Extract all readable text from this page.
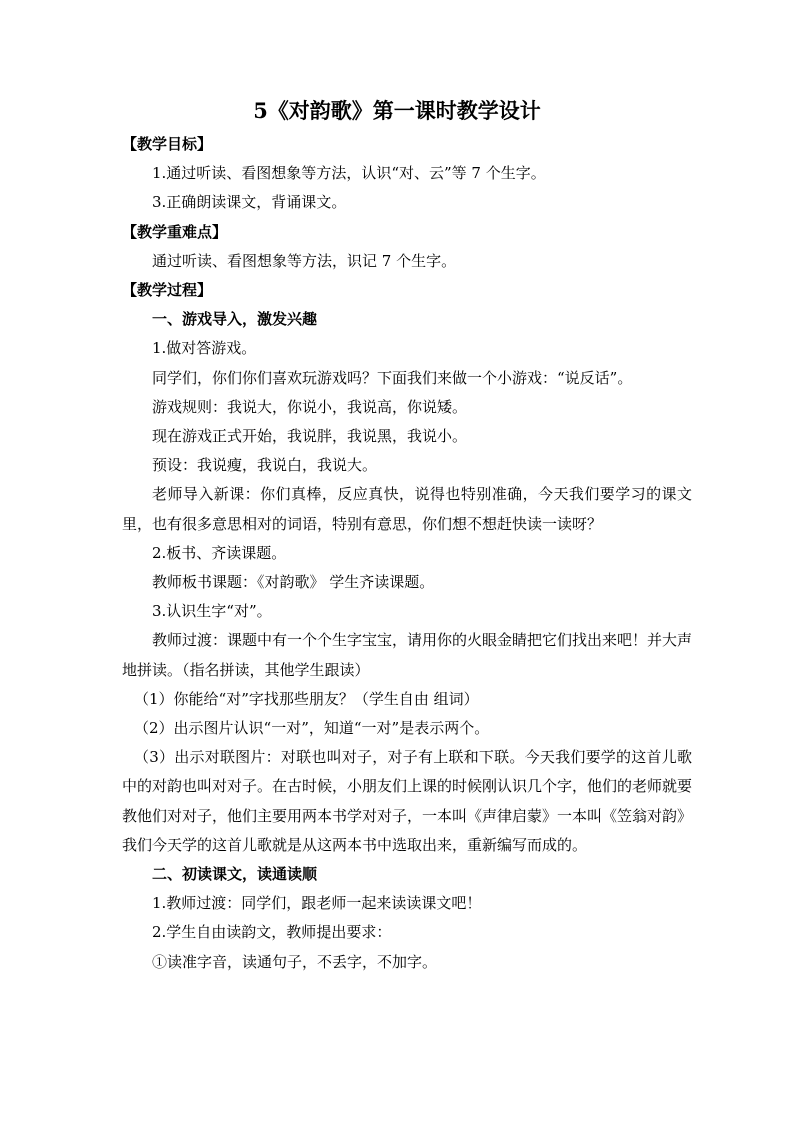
5《对韵歌》第一课时教学设计
【教学目标】
1.通过听读、看图想象等方法，认识“对、云”等 7 个生字。
3.正确朗读课文，背诵课文。
【教学重难点】
通过听读、看图想象等方法，识记 7 个生字。
【教学过程】
一、游戏导入，激发兴趣
1.做对答游戏。
同学们，你们你们喜欢玩游戏吗？下面我们来做一个小游戏：“说反话”。
游戏规则：我说大，你说小，我说高，你说矮。
现在游戏正式开始，我说胖，我说黑，我说小。
预设：我说瘦，我说白，我说大。
老师导入新课：你们真棒，反应真快，说得也特别准确，今天我们要学习的课文里，也有很多意思相对的词语，特别有意思，你们想不想赶快读一读呀？
2.板书、齐读课题。
教师板书课题：《对韵歌》 学生齐读课题。
3.认识生字“对”。
教师过渡：课题中有一个个生字宝宝，请用你的火眼金睛把它们找出来吧！并大声地拼读。（指名拼读，其他学生跟读）
（1）你能给“对”字找那些朋友？（学生自由 组词）
（2）出示图片认识“一对”，知道“一对”是表示两个。
（3）出示对联图片：对联也叫对子，对子有上联和下联。今天我们要学的这首儿歌中的对韵也叫对对子。在古时候，小朋友们上课的时候刚认识几个字，他们的老师就要教他们对对子，他们主要用两本书学对对子，一本叫《声律启蒙》一本叫《笠翁对韵》 我们今天学的这首儿歌就是从这两本书中选取出来，重新编写而成的。
二、初读课文，读通读顺
1.教师过渡：同学们，跟老师一起来读读课文吧！
2.学生自由读韵文，教师提出要求：
①读准字音，读通句子，不丢字，不加字。
